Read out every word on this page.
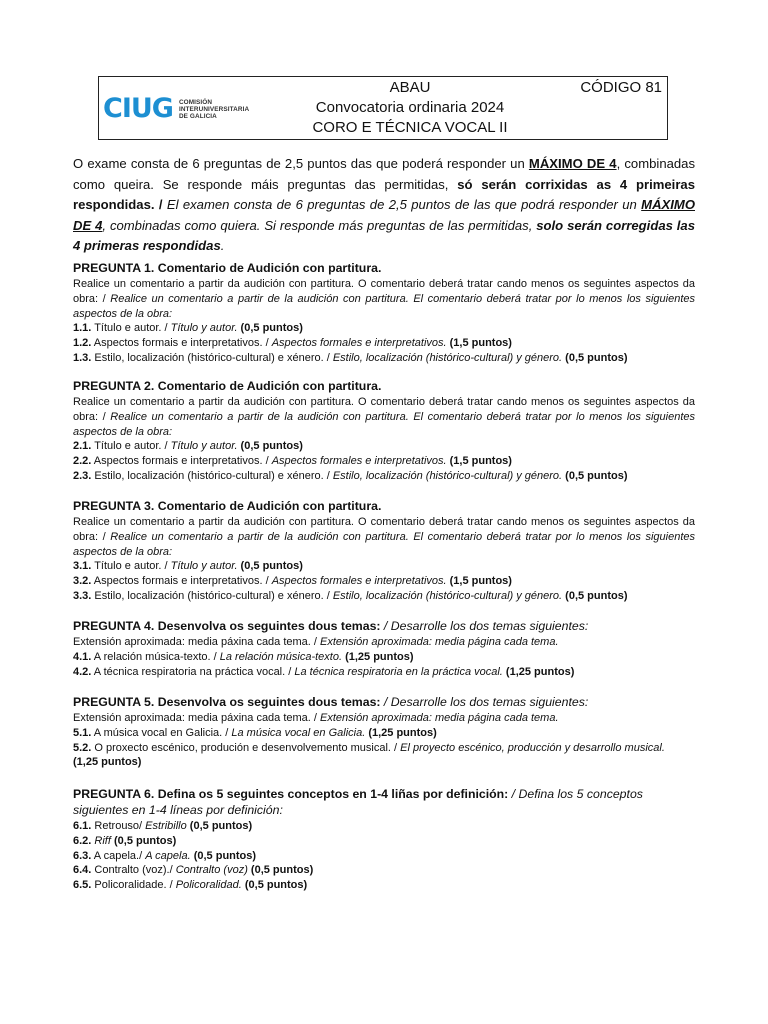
CIUG COMISIÓN
INTERUNIVERSITARIA
DE GALICIA
ABAU
Convocatoria ordinaria 2024
CORO E TÉCNICA VOCAL II
CÓDIGO 81
O exame consta de 6 preguntas de 2,5 puntos das que poderá responder un MÁXIMO DE 4, combinadas como queira. Se responde máis preguntas das permitidas, só serán corrixidas as 4 primeiras respondidas. / El examen consta de 6 preguntas de 2,5 puntos de las que podrá responder un MÁXIMO DE 4, combinadas como quiera. Si responde más preguntas de las permitidas, solo serán corregidas las 4 primeras respondidas.
PREGUNTA 1. Comentario de Audición con partitura.
Realice un comentario a partir da audición con partitura. O comentario deberá tratar cando menos os seguintes aspectos da obra: / Realice un comentario a partir de la audición con partitura. El comentario deberá tratar por lo menos los siguientes aspectos de la obra:
1.1. Título e autor. / Título y autor. (0,5 puntos)
1.2. Aspectos formais e interpretativos. / Aspectos formales e interpretativos. (1,5 puntos)
1.3. Estilo, localización (histórico-cultural) e xénero. / Estilo, localización (histórico-cultural) y género. (0,5 puntos)
PREGUNTA 2. Comentario de Audición con partitura.
Realice un comentario a partir da audición con partitura. O comentario deberá tratar cando menos os seguintes aspectos da obra: / Realice un comentario a partir de la audición con partitura. El comentario deberá tratar por lo menos los siguientes aspectos de la obra:
2.1. Título e autor. / Título y autor. (0,5 puntos)
2.2. Aspectos formais e interpretativos. / Aspectos formales e interpretativos. (1,5 puntos)
2.3. Estilo, localización (histórico-cultural) e xénero. / Estilo, localización (histórico-cultural) y género. (0,5 puntos)
PREGUNTA 3. Comentario de Audición con partitura.
Realice un comentario a partir da audición con partitura. O comentario deberá tratar cando menos os seguintes aspectos da obra: / Realice un comentario a partir de la audición con partitura. El comentario deberá tratar por lo menos los siguientes aspectos de la obra:
3.1. Título e autor. / Título y autor. (0,5 puntos)
3.2. Aspectos formais e interpretativos. / Aspectos formales e interpretativos. (1,5 puntos)
3.3. Estilo, localización (histórico-cultural) e xénero. / Estilo, localización (histórico-cultural) y género. (0,5 puntos)
PREGUNTA 4. Desenvolva os seguintes dous temas: / Desarrolle los dos temas siguientes:
Extensión aproximada: media páxina cada tema. / Extensión aproximada: media página cada tema.
4.1. A relación música-texto. / La relación música-texto. (1,25 puntos)
4.2. A técnica respiratoria na práctica vocal. / La técnica respiratoria en la práctica vocal. (1,25 puntos)
PREGUNTA 5. Desenvolva os seguintes dous temas: / Desarrolle los dos temas siguientes:
Extensión aproximada: media páxina cada tema. / Extensión aproximada: media página cada tema.
5.1. A música vocal en Galicia. / La música vocal en Galicia. (1,25 puntos)
5.2. O proxecto escénico, produción e desenvolvemento musical. / El proyecto escénico, producción y desarrollo musical.
(1,25 puntos)
PREGUNTA 6. Defina os 5 seguintes conceptos en 1-4 liñas por definición: / Defina los 5 conceptos siguientes en 1-4 líneas por definición:
6.1. Retrouso/ Estribillo (0,5 puntos)
6.2. Riff (0,5 puntos)
6.3. A capela./ A capela. (0,5 puntos)
6.4. Contralto (voz)./ Contralto (voz) (0,5 puntos)
6.5. Policoralidade. / Policoralidad. (0,5 puntos)
